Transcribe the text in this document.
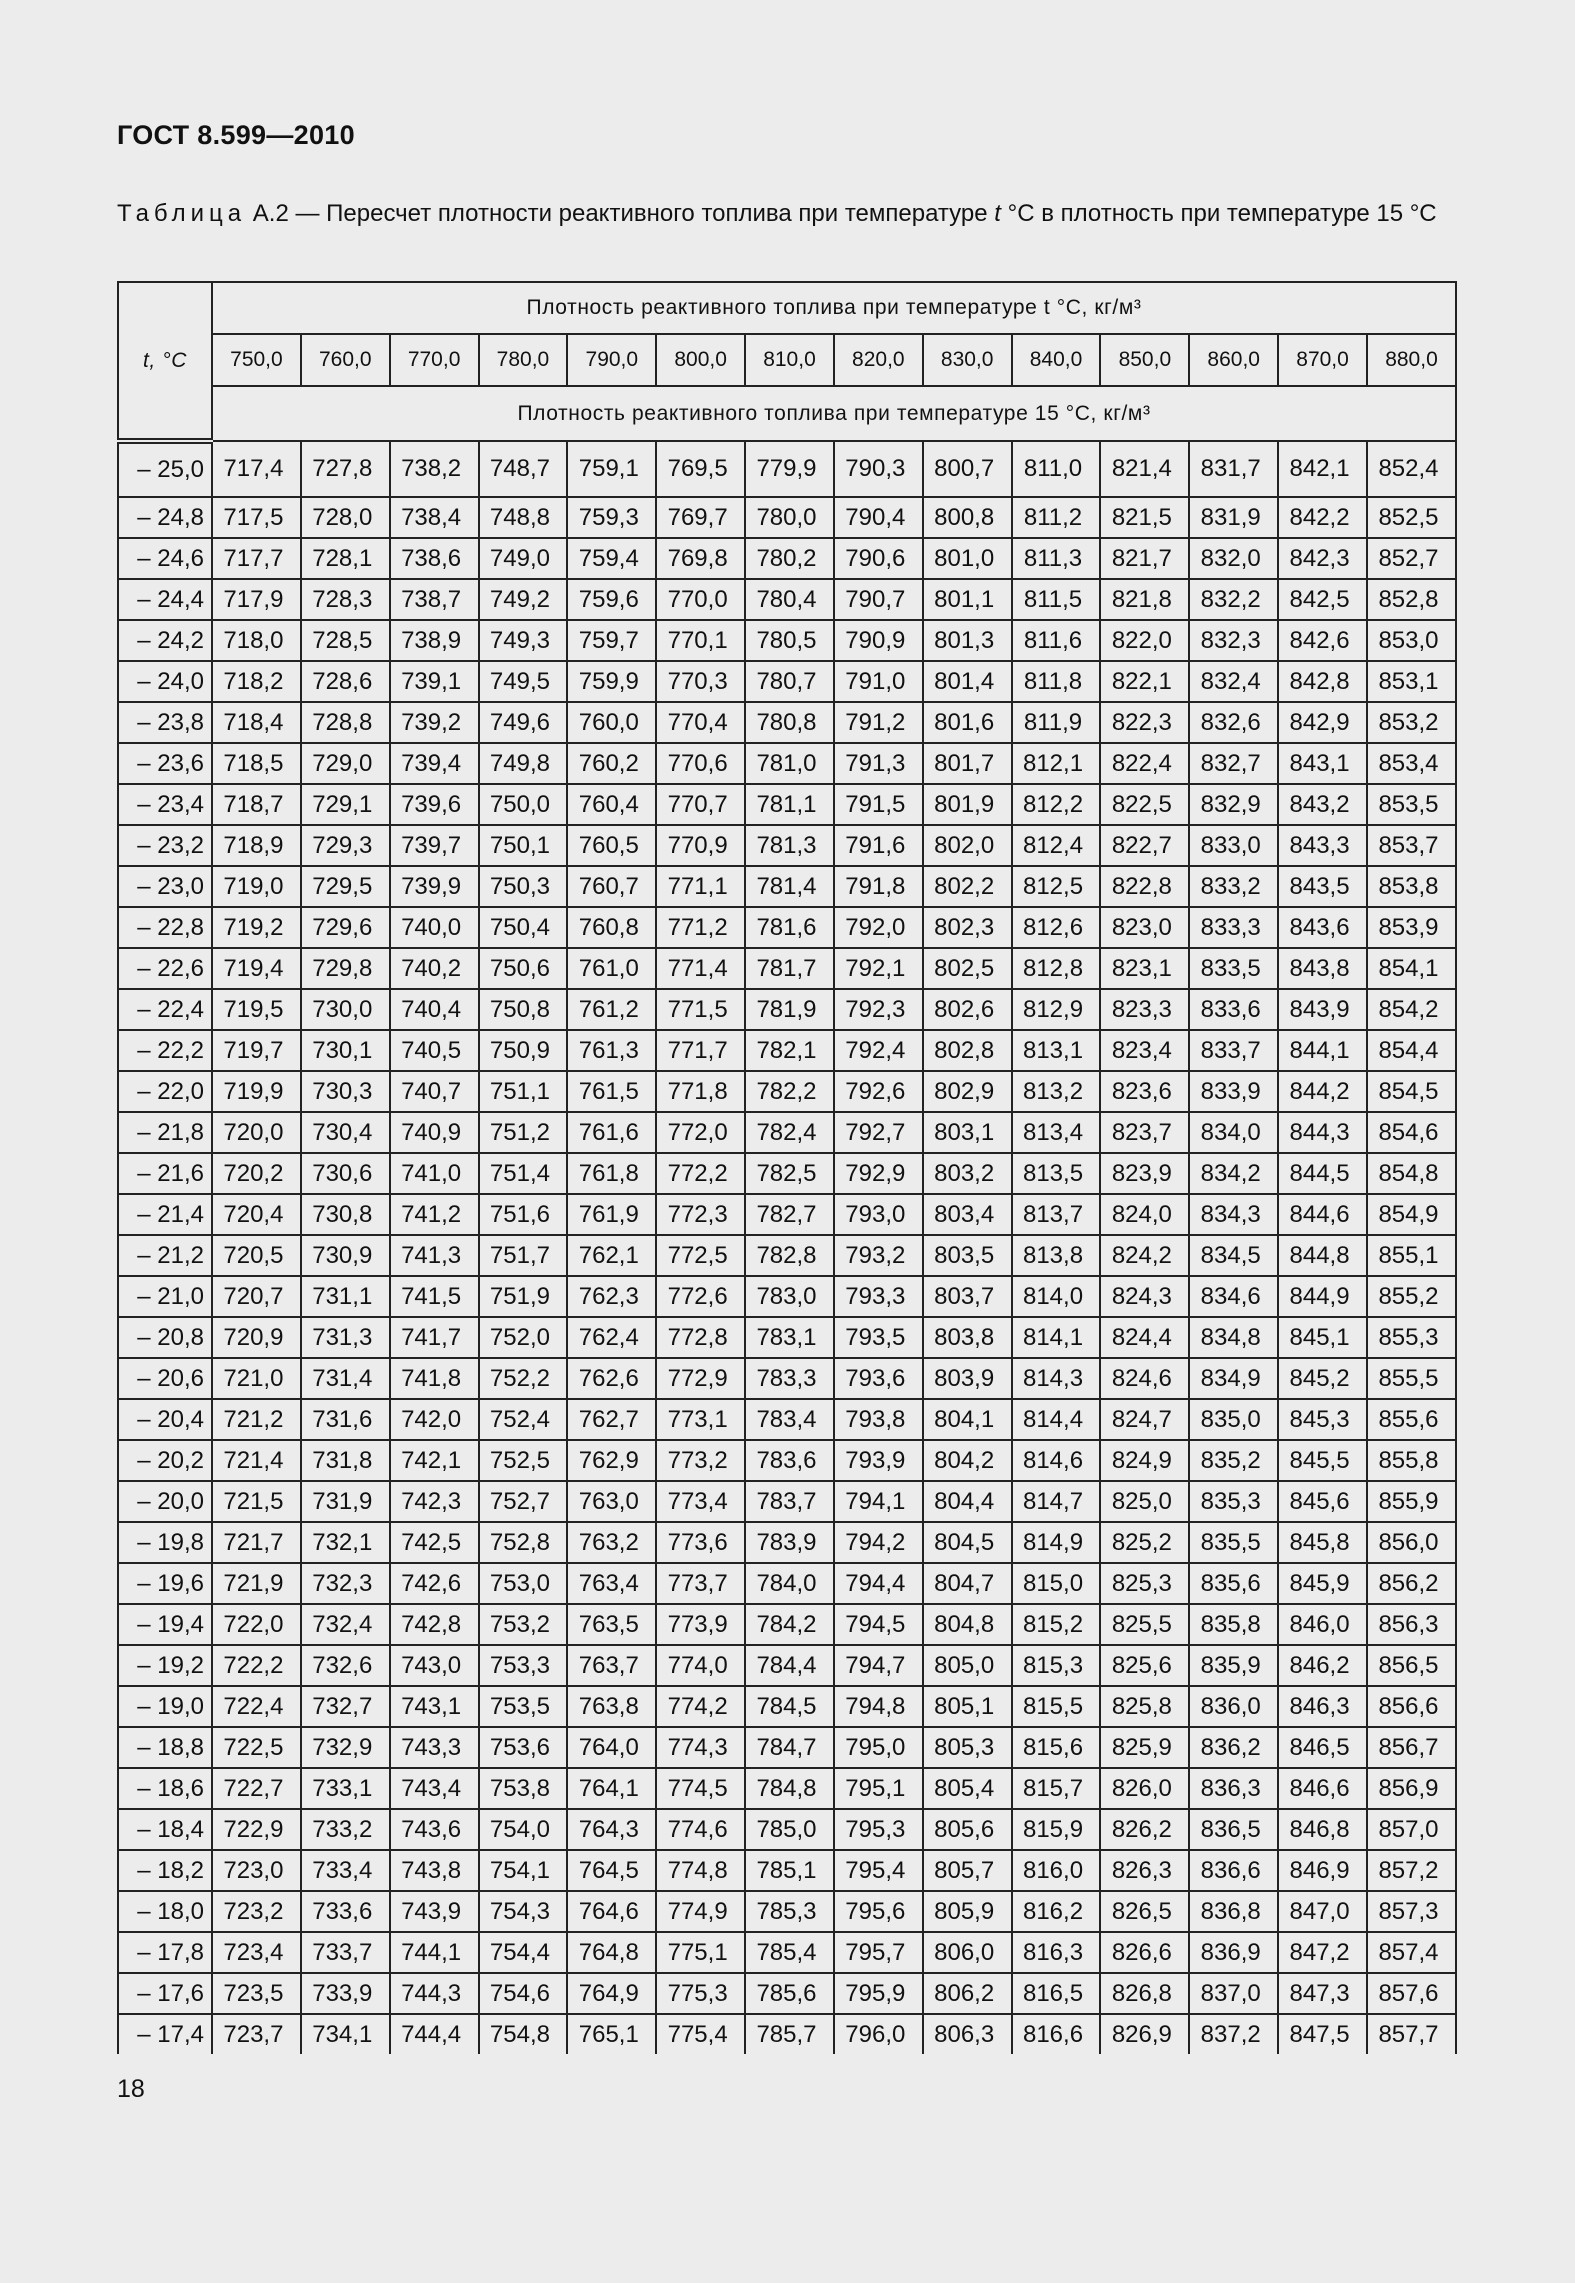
ГОСТ 8.599—2010
Таблица А.2 — Пересчет плотности реактивного топлива при температуре t °С в плотность при температуре 15 °С
t, °C	Плотность реактивного топлива при температуре t °C, кг/м³													
	750,0	760,0	770,0	780,0	790,0	800,0	810,0	820,0	830,0	840,0	850,0	860,0	870,0	880,0
	Плотность реактивного топлива при температуре 15 °C, кг/м³													
– 25,0	717,4	727,8	738,2	748,7	759,1	769,5	779,9	790,3	800,7	811,0	821,4	831,7	842,1	852,4
– 24,8	717,5	728,0	738,4	748,8	759,3	769,7	780,0	790,4	800,8	811,2	821,5	831,9	842,2	852,5
– 24,6	717,7	728,1	738,6	749,0	759,4	769,8	780,2	790,6	801,0	811,3	821,7	832,0	842,3	852,7
– 24,4	717,9	728,3	738,7	749,2	759,6	770,0	780,4	790,7	801,1	811,5	821,8	832,2	842,5	852,8
– 24,2	718,0	728,5	738,9	749,3	759,7	770,1	780,5	790,9	801,3	811,6	822,0	832,3	842,6	853,0
– 24,0	718,2	728,6	739,1	749,5	759,9	770,3	780,7	791,0	801,4	811,8	822,1	832,4	842,8	853,1
– 23,8	718,4	728,8	739,2	749,6	760,0	770,4	780,8	791,2	801,6	811,9	822,3	832,6	842,9	853,2
– 23,6	718,5	729,0	739,4	749,8	760,2	770,6	781,0	791,3	801,7	812,1	822,4	832,7	843,1	853,4
– 23,4	718,7	729,1	739,6	750,0	760,4	770,7	781,1	791,5	801,9	812,2	822,5	832,9	843,2	853,5
– 23,2	718,9	729,3	739,7	750,1	760,5	770,9	781,3	791,6	802,0	812,4	822,7	833,0	843,3	853,7
– 23,0	719,0	729,5	739,9	750,3	760,7	771,1	781,4	791,8	802,2	812,5	822,8	833,2	843,5	853,8
– 22,8	719,2	729,6	740,0	750,4	760,8	771,2	781,6	792,0	802,3	812,6	823,0	833,3	843,6	853,9
– 22,6	719,4	729,8	740,2	750,6	761,0	771,4	781,7	792,1	802,5	812,8	823,1	833,5	843,8	854,1
– 22,4	719,5	730,0	740,4	750,8	761,2	771,5	781,9	792,3	802,6	812,9	823,3	833,6	843,9	854,2
– 22,2	719,7	730,1	740,5	750,9	761,3	771,7	782,1	792,4	802,8	813,1	823,4	833,7	844,1	854,4
– 22,0	719,9	730,3	740,7	751,1	761,5	771,8	782,2	792,6	802,9	813,2	823,6	833,9	844,2	854,5
– 21,8	720,0	730,4	740,9	751,2	761,6	772,0	782,4	792,7	803,1	813,4	823,7	834,0	844,3	854,6
– 21,6	720,2	730,6	741,0	751,4	761,8	772,2	782,5	792,9	803,2	813,5	823,9	834,2	844,5	854,8
– 21,4	720,4	730,8	741,2	751,6	761,9	772,3	782,7	793,0	803,4	813,7	824,0	834,3	844,6	854,9
– 21,2	720,5	730,9	741,3	751,7	762,1	772,5	782,8	793,2	803,5	813,8	824,2	834,5	844,8	855,1
– 21,0	720,7	731,1	741,5	751,9	762,3	772,6	783,0	793,3	803,7	814,0	824,3	834,6	844,9	855,2
– 20,8	720,9	731,3	741,7	752,0	762,4	772,8	783,1	793,5	803,8	814,1	824,4	834,8	845,1	855,3
– 20,6	721,0	731,4	741,8	752,2	762,6	772,9	783,3	793,6	803,9	814,3	824,6	834,9	845,2	855,5
– 20,4	721,2	731,6	742,0	752,4	762,7	773,1	783,4	793,8	804,1	814,4	824,7	835,0	845,3	855,6
– 20,2	721,4	731,8	742,1	752,5	762,9	773,2	783,6	793,9	804,2	814,6	824,9	835,2	845,5	855,8
– 20,0	721,5	731,9	742,3	752,7	763,0	773,4	783,7	794,1	804,4	814,7	825,0	835,3	845,6	855,9
– 19,8	721,7	732,1	742,5	752,8	763,2	773,6	783,9	794,2	804,5	814,9	825,2	835,5	845,8	856,0
– 19,6	721,9	732,3	742,6	753,0	763,4	773,7	784,0	794,4	804,7	815,0	825,3	835,6	845,9	856,2
– 19,4	722,0	732,4	742,8	753,2	763,5	773,9	784,2	794,5	804,8	815,2	825,5	835,8	846,0	856,3
– 19,2	722,2	732,6	743,0	753,3	763,7	774,0	784,4	794,7	805,0	815,3	825,6	835,9	846,2	856,5
– 19,0	722,4	732,7	743,1	753,5	763,8	774,2	784,5	794,8	805,1	815,5	825,8	836,0	846,3	856,6
– 18,8	722,5	732,9	743,3	753,6	764,0	774,3	784,7	795,0	805,3	815,6	825,9	836,2	846,5	856,7
– 18,6	722,7	733,1	743,4	753,8	764,1	774,5	784,8	795,1	805,4	815,7	826,0	836,3	846,6	856,9
– 18,4	722,9	733,2	743,6	754,0	764,3	774,6	785,0	795,3	805,6	815,9	826,2	836,5	846,8	857,0
– 18,2	723,0	733,4	743,8	754,1	764,5	774,8	785,1	795,4	805,7	816,0	826,3	836,6	846,9	857,2
– 18,0	723,2	733,6	743,9	754,3	764,6	774,9	785,3	795,6	805,9	816,2	826,5	836,8	847,0	857,3
– 17,8	723,4	733,7	744,1	754,4	764,8	775,1	785,4	795,7	806,0	816,3	826,6	836,9	847,2	857,4
– 17,6	723,5	733,9	744,3	754,6	764,9	775,3	785,6	795,9	806,2	816,5	826,8	837,0	847,3	857,6
– 17,4	723,7	734,1	744,4	754,8	765,1	775,4	785,7	796,0	806,3	816,6	826,9	837,2	847,5	857,7
18
